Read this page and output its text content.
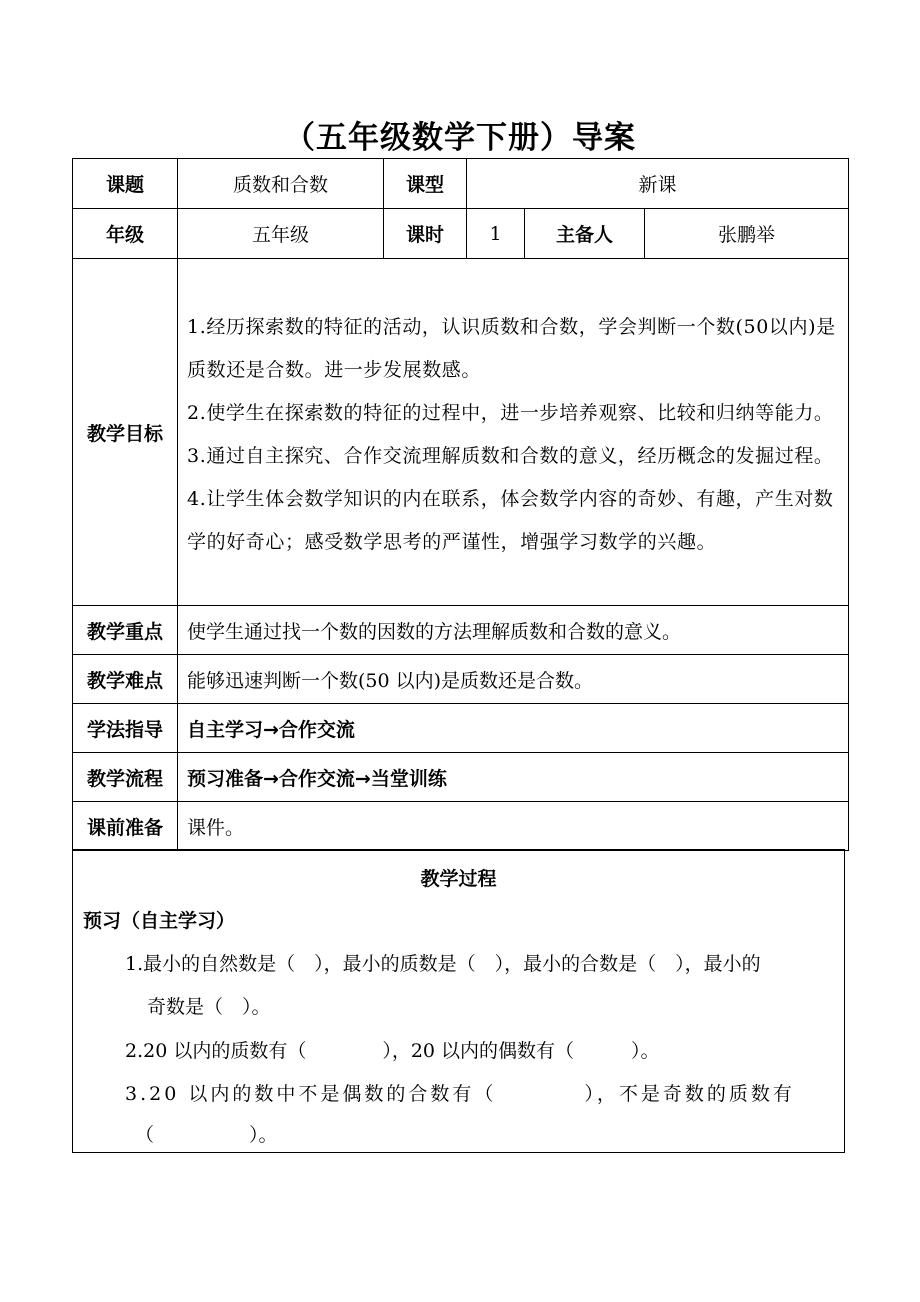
（五年级数学下册）导案
课题	质数和合数	课型	新课		
年级	五年级	课时	1	主备人	张鹏举
教学目标	1.经历探索数的特征的活动，认识质数和合数，学会判断一个数(50以内)是质数还是合数。进一步发展数感。

2.使学生在探索数的特征的过程中，进一步培养观察、比较和归纳等能力。

3.通过自主探究、合作交流理解质数和合数的意义，经历概念的发掘过程。

4.让学生体会数学知识的内在联系，体会数学内容的奇妙、有趣，产生对数学的好奇心；感受数学思考的严谨性，增强学习数学的兴趣。				

教学重点	使学生通过找一个数的因数的方法理解质数和合数的意义。				
教学难点	能够迅速判断一个数(50 以内)是质数还是合数。				
学法指导	自主学习→合作交流				
教学流程	预习准备→合作交流→当堂训练				
课前准备	课件。				
教学过程
预习（自主学习）
1.最小的自然数是（　），最小的质数是（　），最小的合数是（　），最小的
奇数是（　）。
2.20 以内的质数有（　　　　），20 以内的偶数有（　　　）。
3.20 以内的数中不是偶数的合数有（　　　　），不是奇数的质数有
（　　　　　）。
